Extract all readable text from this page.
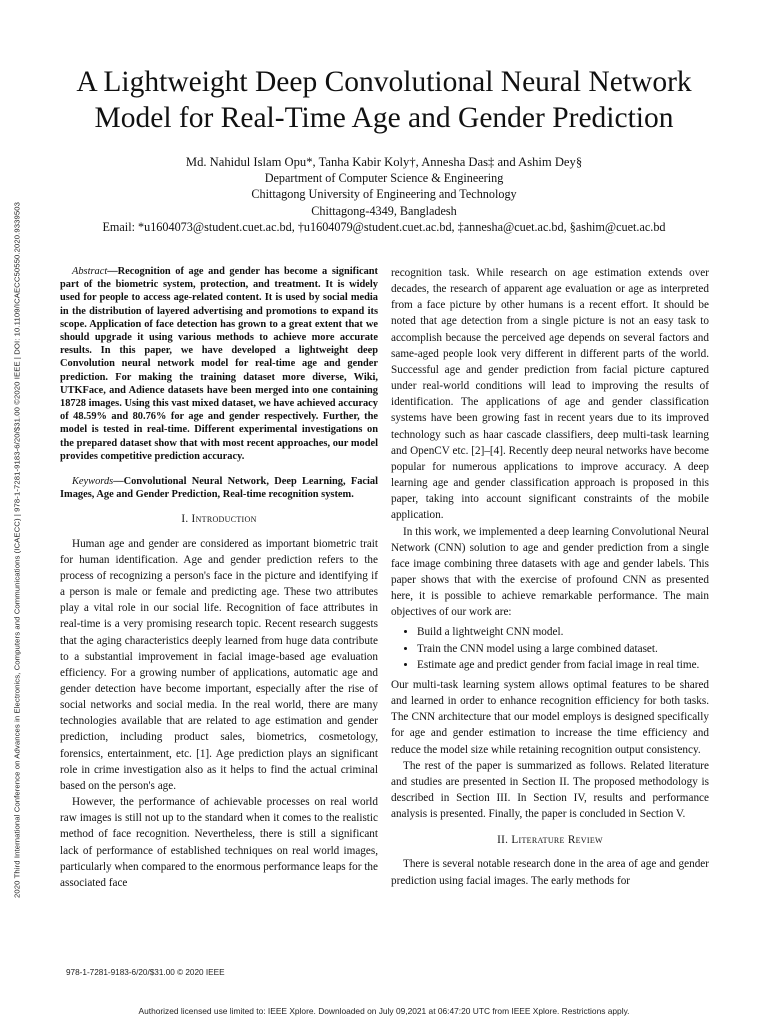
2020 Third International Conference on Advances in Electronics, Computers and Communications (ICAECC) | 978-1-7281-9183-6/20/$31.00 ©2020 IEEE | DOI: 10.1109/ICAECC50550.2020.9339503
A Lightweight Deep Convolutional Neural Network
Model for Real-Time Age and Gender Prediction
Md. Nahidul Islam Opu*, Tanha Kabir Koly†, Annesha Das‡ and Ashim Dey§
Department of Computer Science & Engineering
Chittagong University of Engineering and Technology
Chittagong-4349, Bangladesh
Email: *u1604073@student.cuet.ac.bd, †u1604079@student.cuet.ac.bd, ‡annesha@cuet.ac.bd, §ashim@cuet.ac.bd

Abstract—Recognition of age and gender has become a significant part of the biometric system, protection, and treatment. It is widely used for people to access age-related content. It is used by social media in the distribution of layered advertising and promotions to expand its scope. Application of face detection has grown to a great extent that we should upgrade it using various methods to achieve more accurate results. In this paper, we have developed a lightweight deep Convolution neural network model for real-time age and gender prediction. For making the training dataset more diverse, Wiki, UTKFace, and Adience datasets have been merged into one containing 18728 images. Using this vast mixed dataset, we have achieved accuracy of 48.59% and 80.76% for age and gender respectively. Further, the model is tested in real-time. Different experimental investigations on the prepared dataset show that with most recent approaches, our model provides competitive prediction accuracy.

Keywords—Convolutional Neural Network, Deep Learning, Facial Images, Age and Gender Prediction, Real-time recognition system.

I. Introduction

Human age and gender are considered as important biometric trait for human identification. Age and gender prediction refers to the process of recognizing a person's face in the picture and identifying if a person is male or female and predicting age. These two attributes play a vital role in our social life. Recognition of face attributes in real-time is a very promising research topic. Recent research suggests that the aging characteristics deeply learned from huge data contribute to a substantial improvement in facial image-based age evaluation efficiency. For a growing number of applications, automatic age and gender detection have become important, especially after the rise of social networks and social media. In the real world, there are many technologies available that are related to age estimation and gender prediction, including product sales, biometrics, cosmetology, forensics, entertainment, etc. [1]. Age prediction plays an significant role in crime investigation also as it helps to find the actual criminal based on the person's age.

However, the performance of achievable processes on real world raw images is still not up to the standard when it comes to the realistic method of face recognition. Nevertheless, there is still a significant lack of performance of established techniques on real world images, particularly when compared to the enormous performance leaps for the associated face

recognition task. While research on age estimation extends over decades, the research of apparent age evaluation or age as interpreted from a face picture by other humans is a recent effort. It should be noted that age detection from a single picture is not an easy task to accomplish because the perceived age depends on several factors and same-aged people look very different in different parts of the world. Successful age and gender prediction from facial picture captured under real-world conditions will lead to improving the results of identification. The applications of age and gender classification systems have been growing fast in recent years due to its improved technology such as haar cascade classifiers, deep multi-task learning and OpenCV etc. [2]–[4]. Recently deep neural networks have become popular for numerous applications to improve accuracy. A deep learning age and gender classification approach is proposed in this paper, taking into account significant constraints of the mobile application.

In this work, we implemented a deep learning Convolutional Neural Network (CNN) solution to age and gender prediction from a single face image combining three datasets with age and gender labels. This paper shows that with the exercise of profound CNN as presented here, it is possible to achieve remarkable performance. The main objectives of our work are:

• Build a lightweight CNN model.
• Train the CNN model using a large combined dataset.
• Estimate age and predict gender from facial image in real time.

Our multi-task learning system allows optimal features to be shared and learned in order to enhance recognition efficiency for both tasks. The CNN architecture that our model employs is designed specifically for age and gender estimation to increase the time efficiency and reduce the model size while retaining recognition output consistency.

The rest of the paper is summarized as follows. Related literature and studies are presented in Section II. The proposed methodology is described in Section III. In Section IV, results and performance analysis is presented. Finally, the paper is concluded in Section V.

II. Literature Review

There is several notable research done in the area of age and gender prediction using facial images. The early methods for

978-1-7281-9183-6/20/$31.00 © 2020 IEEE
Authorized licensed use limited to: IEEE Xplore. Downloaded on July 09,2021 at 06:47:20 UTC from IEEE Xplore. Restrictions apply.
